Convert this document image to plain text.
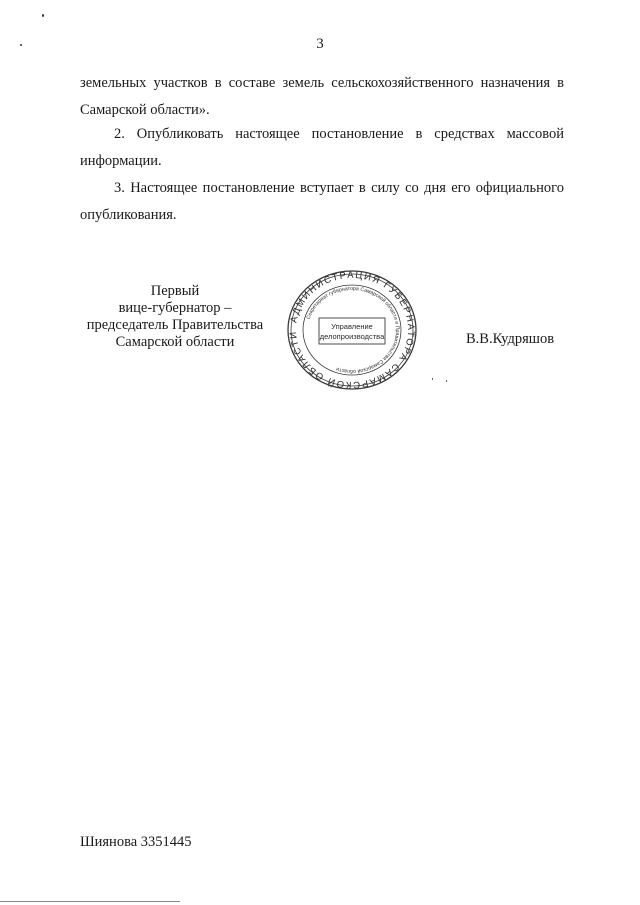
3

земельных участков в составе земель сельскохозяйственного назначения в Самарской области».

2. Опубликовать настоящее постановление в средствах массовой информации.

3. Настоящее постановление вступает в силу со дня его официального опубликования.

Первый
вице-губернатор –
председатель Правительства
Самарской области
АДМИНИСТРАЦИЯ ГУБЕРНАТОРА САМАРСКОЙ ОБЛАСТИ
Секретариат губернатора Самарской области и Правительства Самарской области
Управление
делопроизводства	В.В.Кудряшов
Шиянова 3351445
